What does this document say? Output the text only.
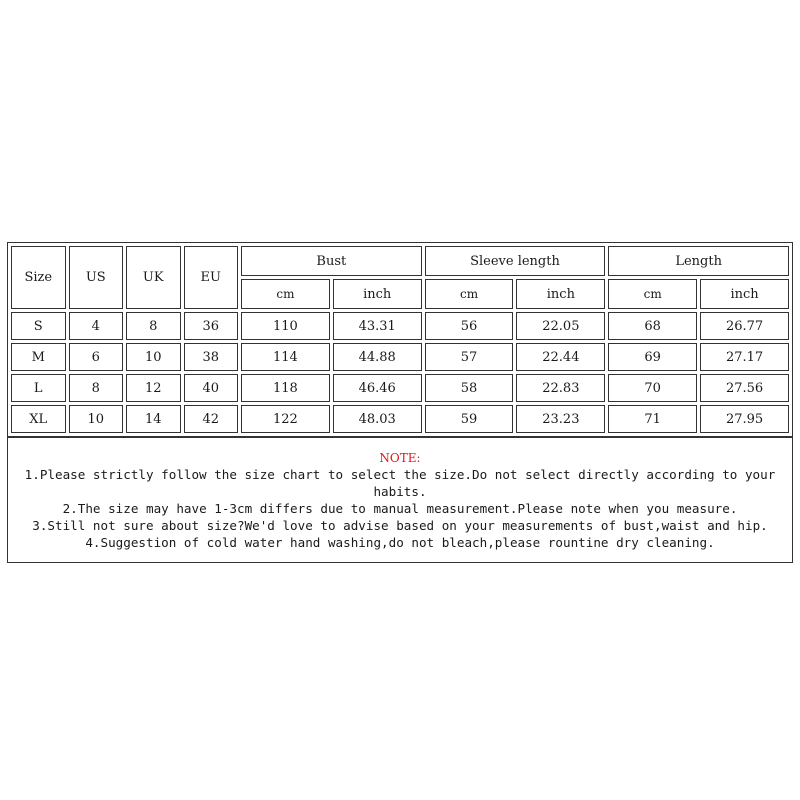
Size	US	UK	EU	Bust		Sleeve length		Length	
				cm	inch	cm	inch	cm	inch
S	4	8	36	110	43.31	56	22.05	68	26.77
M	6	10	38	114	44.88	57	22.44	69	27.17
L	8	12	40	118	46.46	58	22.83	70	27.56
XL	10	14	42	122	48.03	59	23.23	71	27.95
NOTE:
1.Please strictly follow the size chart to select the size.Do not select directly according to your habits.
2.The size may have 1-3cm differs due to manual measurement.Please note when you measure.
3.Still not sure about size?We'd love to advise based on your measurements of bust,waist and hip.
4.Suggestion of cold water hand washing,do not bleach,please rountine dry cleaning.
